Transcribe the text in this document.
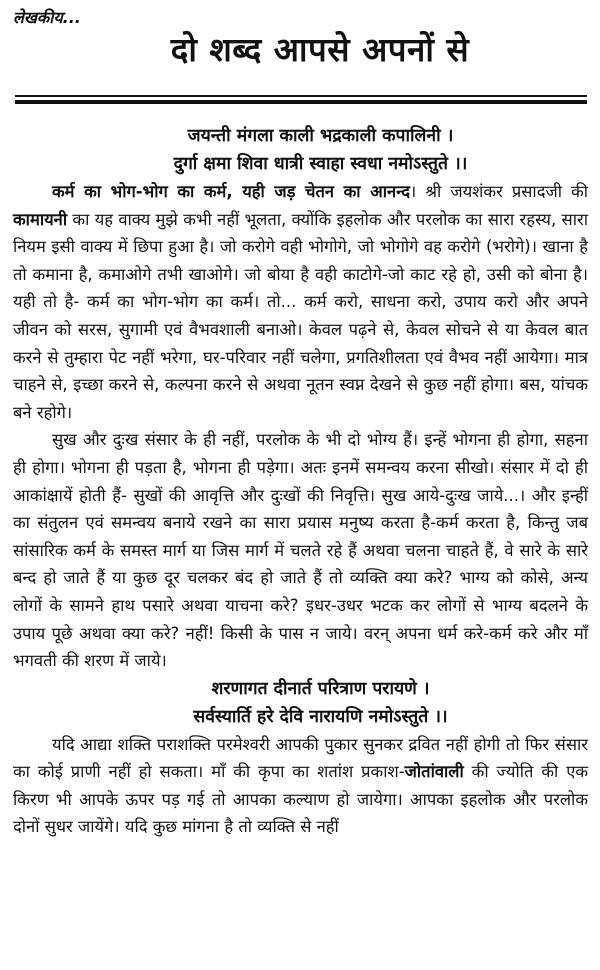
लेखकीय...
दो शब्द आपसे अपनों से
जयन्ती मंगला काली भद्रकाली कपालिनी ।
दुर्गा क्षमा शिवा धात्री स्वाहा स्वधा नमोऽस्तुते ।।

कर्म का भोग-भोग का कर्म, यही जड़ चेतन का आनन्द। श्री जयशंकर प्रसादजी की कामायनी का यह वाक्य मुझे कभी नहीं भूलता, क्योंकि इहलोक और परलोक का सारा रहस्य, सारा नियम इसी वाक्य में छिपा हुआ है। जो करोगे वही भोगोगे, जो भोगोगे वह करोगे (भरोगे)। खाना है तो कमाना है, कमाओगे तभी खाओगे। जो बोया है वही काटोगे-जो काट रहे हो, उसी को बोना है। यही तो है- कर्म का भोग-भोग का कर्म। तो... कर्म करो, साधना करो, उपाय करो और अपने जीवन को सरस, सुगामी एवं वैभवशाली बनाओ। केवल पढ़ने से, केवल सोचने से या केवल बात करने से तुम्हारा पेट नहीं भरेगा, घर-परिवार नहीं चलेगा, प्रगतिशीलता एवं वैभव नहीं आयेगा। मात्र चाहने से, इच्छा करने से, कल्पना करने से अथवा नूतन स्वप्न देखने से कुछ नहीं होगा। बस, यांचक बने रहोगे।

सुख और दुःख संसार के ही नहीं, परलोक के भी दो भोग्य हैं। इन्हें भोगना ही होगा, सहना ही होगा। भोगना ही पड़ता है, भोगना ही पड़ेगा। अतः इनमें समन्वय करना सीखो। संसार में दो ही आकांक्षायें होती हैं- सुखों की आवृत्ति और दुःखों की निवृत्ति। सुख आये-दुःख जाये...। और इन्हीं का संतुलन एवं समन्वय बनाये रखने का सारा प्रयास मनुष्य करता है-कर्म करता है, किन्तु जब सांसारिक कर्म के समस्त मार्ग या जिस मार्ग में चलते रहे हैं अथवा चलना चाहते हैं, वे सारे के सारे बन्द हो जाते हैं या कुछ दूर चलकर बंद हो जाते हैं तो व्यक्ति क्या करे? भाग्य को कोसे, अन्य लोगों के सामने हाथ पसारे अथवा याचना करे? इधर-उधर भटक कर लोगों से भाग्य बदलने के उपाय पूछे अथवा क्या करे? नहीं! किसी के पास न जाये। वरन् अपना धर्म करे-कर्म करे और माँ भगवती की शरण में जाये।

शरणागत दीनार्त परित्राण परायणे ।
सर्वस्यार्ति हरे देवि नारायणि नमोऽस्तुते ।।

यदि आद्या शक्ति पराशक्ति परमेश्वरी आपकी पुकार सुनकर द्रवित नहीं होगी तो फिर संसार का कोई प्राणी नहीं हो सकता। माँ की कृपा का शतांश प्रकाश-जोतांवाली की ज्योति की एक किरण भी आपके ऊपर पड़ गई तो आपका कल्याण हो जायेगा। आपका इहलोक और परलोक दोनों सुधर जायेंगे। यदि कुछ मांगना है तो व्यक्ति से नहीं
